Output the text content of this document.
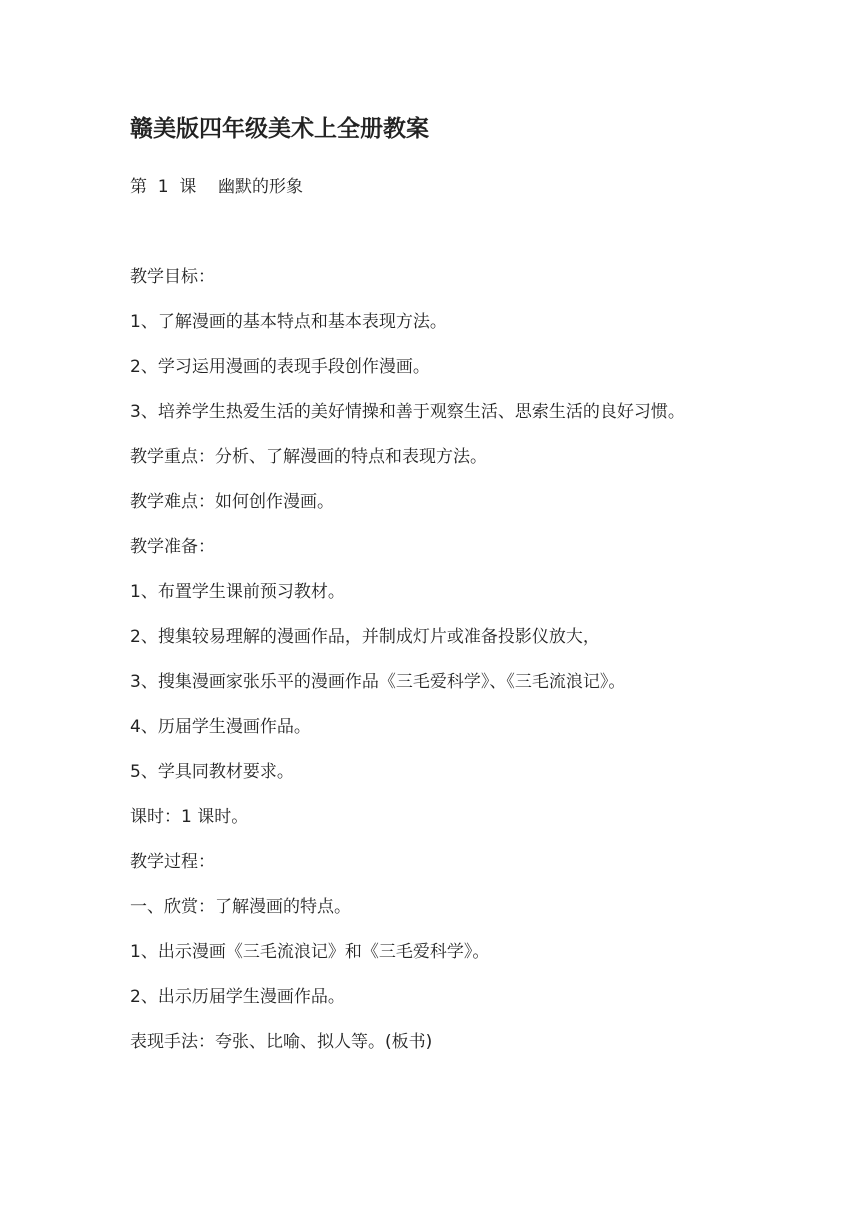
赣美版四年级美术上全册教案
第  1  课    幽默的形象
教学目标：
1、了解漫画的基本特点和基本表现方法。
2、学习运用漫画的表现手段创作漫画。
3、培养学生热爱生活的美好情操和善于观察生活、思索生活的良好习惯。
教学重点：分析、了解漫画的特点和表现方法。
教学难点：如何创作漫画。
教学准备：
1、布置学生课前预习教材。
2、搜集较易理解的漫画作品，并制成灯片或准备投影仪放大，
3、搜集漫画家张乐平的漫画作品《三毛爱科学》、《三毛流浪记》。
4、历届学生漫画作品。
5、学具同教材要求。
课时：1 课时。
教学过程：
一、欣赏：了解漫画的特点。
1、出示漫画《三毛流浪记》和《三毛爱科学》。
2、出示历届学生漫画作品。
表现手法：夸张、比喻、拟人等。(板书)
